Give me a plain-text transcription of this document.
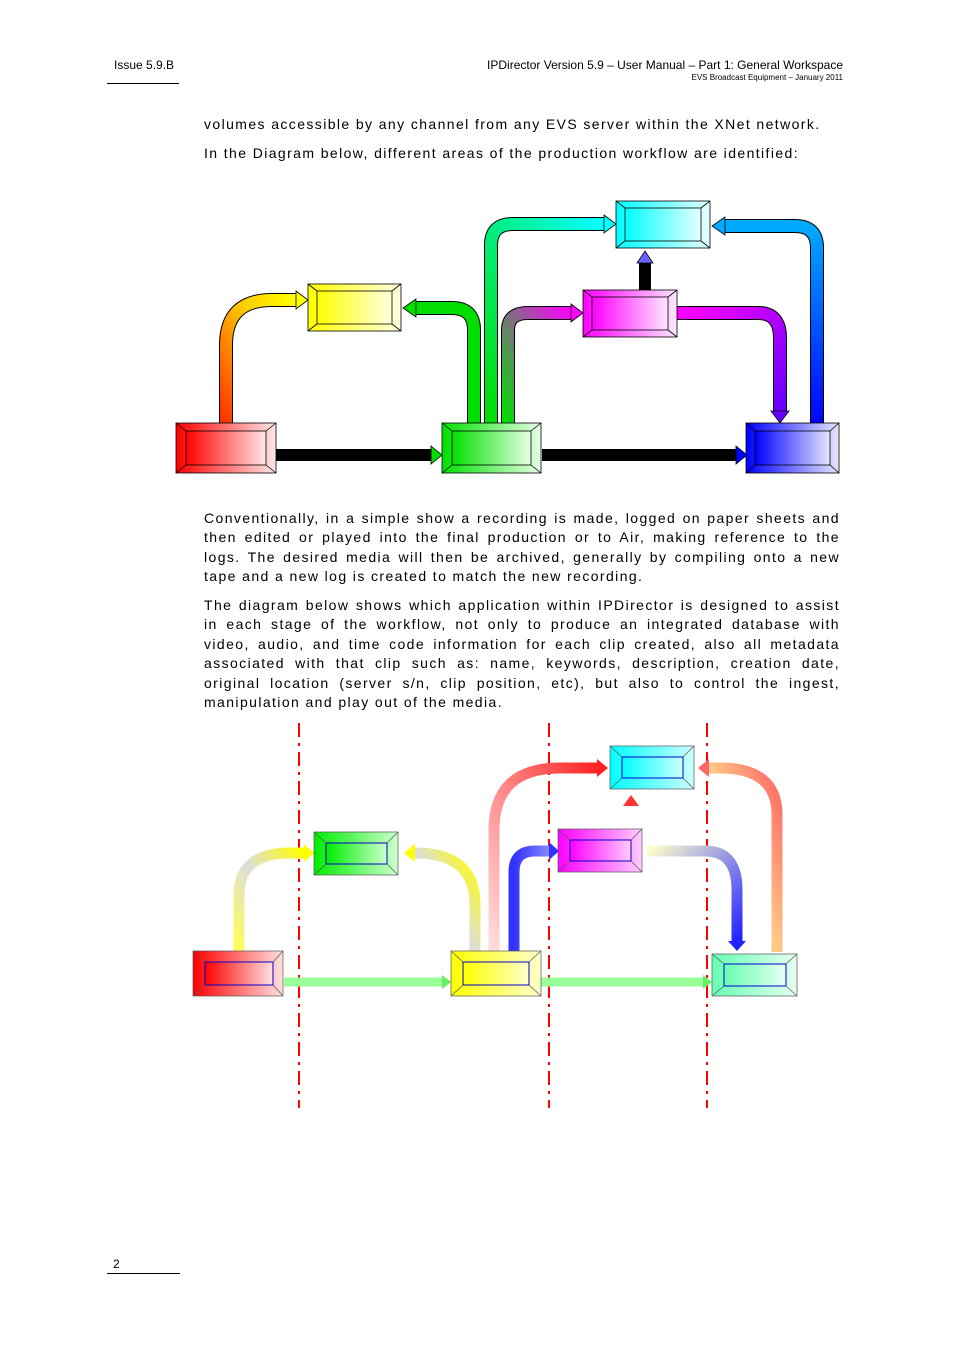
Issue 5.9.B	IPDirector Version 5.9 – User Manual – Part 1: General Workspace
EVS Broadcast Equipment – January 2011
volumes accessible by any channel from any EVS server within the XNet network.
In the Diagram below, different areas of the production workflow are identified:
Conventionally, in a simple show a recording is made, logged on paper sheets and then edited or played into the final production or to Air, making reference to the logs. The desired media will then be archived, generally by compiling onto a new tape and a new log is created to match the new recording.
The diagram below shows which application within IPDirector is designed to assist in each stage of the workflow, not only to produce an integrated database with video, audio, and time code information for each clip created, also all metadata associated with that clip such as: name, keywords, description, creation date, original location (server s/n, clip position, etc), but also to control the ingest, manipulation and play out of the media.
2
